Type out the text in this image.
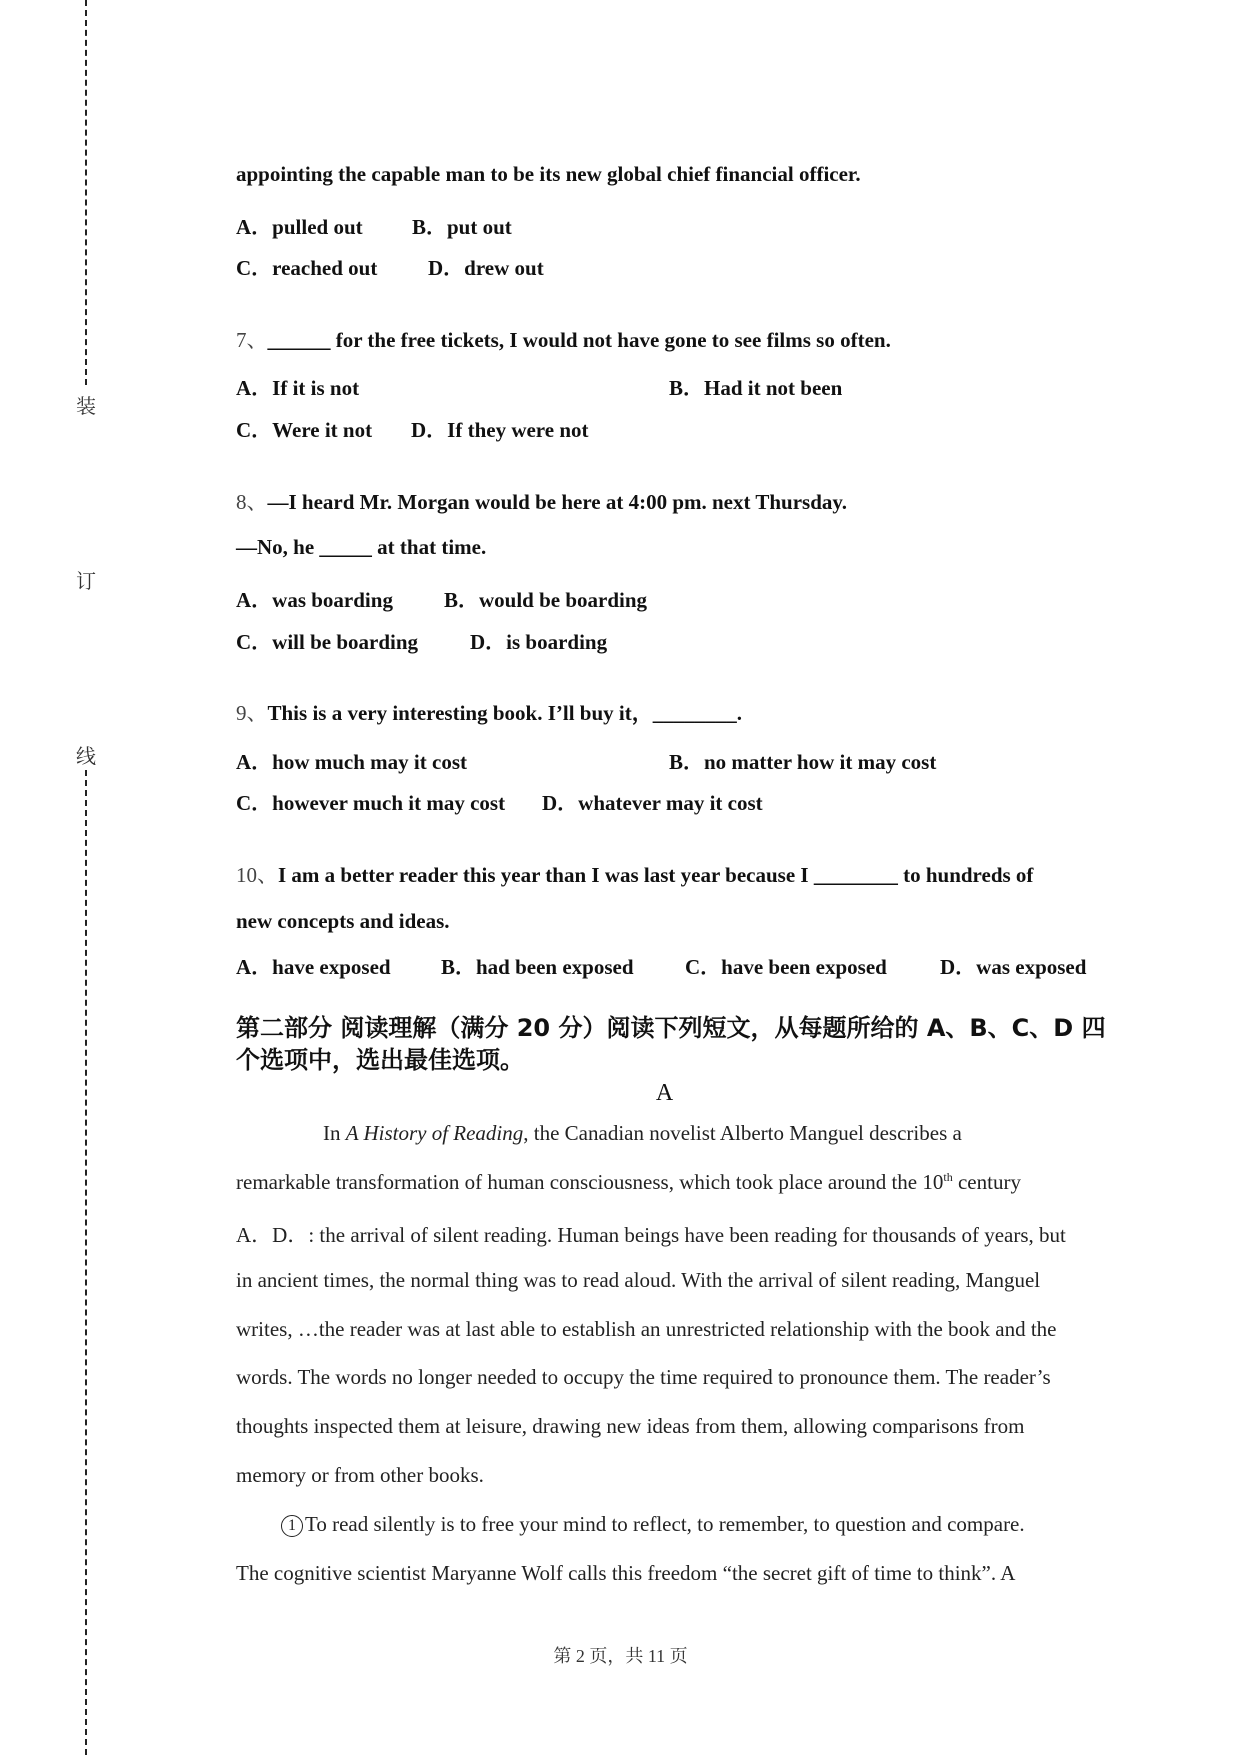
装
订
线
appointing the capable man to be its new global chief financial officer.
A．pulled out B．put out
C．reached out D．drew out
7、______ for the free tickets, I would not have gone to see films so often.
A．If it is not	B．Had it not been
C．Were it not D．If they were not
8、—I heard Mr. Morgan would be here at 4:00 pm. next Thursday.
—No, he _____ at that time.
A．was boarding B．would be boarding
C．will be boarding D．is boarding
9、This is a very interesting book. I’ll buy it，________.
A．how much may it cost	B．no matter how it may cost
C．however much it may cost D．whatever may it cost
10、I am a better reader this year than I was last year because I ________ to hundreds of
new concepts and ideas.
A．have exposed B．had been exposed C．have been exposed	D．was exposed
第二部分 阅读理解（满分 20 分）阅读下列短文，从每题所给的 A、B、C、D 四
个选项中，选出最佳选项。
A
In A History of Reading, the Canadian novelist Alberto Manguel describes a
remarkable transformation of human consciousness, which took place around the 10th century
A．D．: the arrival of silent reading. Human beings have been reading for thousands of years, but
in ancient times, the normal thing was to read aloud. With the arrival of silent reading, Manguel
writes, …the reader was at last able to establish an unrestricted relationship with the book and the
words. The words no longer needed to occupy the time required to pronounce them. The reader’s
thoughts inspected them at leisure, drawing new ideas from them, allowing comparisons from
memory or from other books.
1 To read silently is to free your mind to reflect, to remember, to question and compare.
The cognitive scientist Maryanne Wolf calls this freedom “the secret gift of time to think”. A
第 2 页，共 11 页
